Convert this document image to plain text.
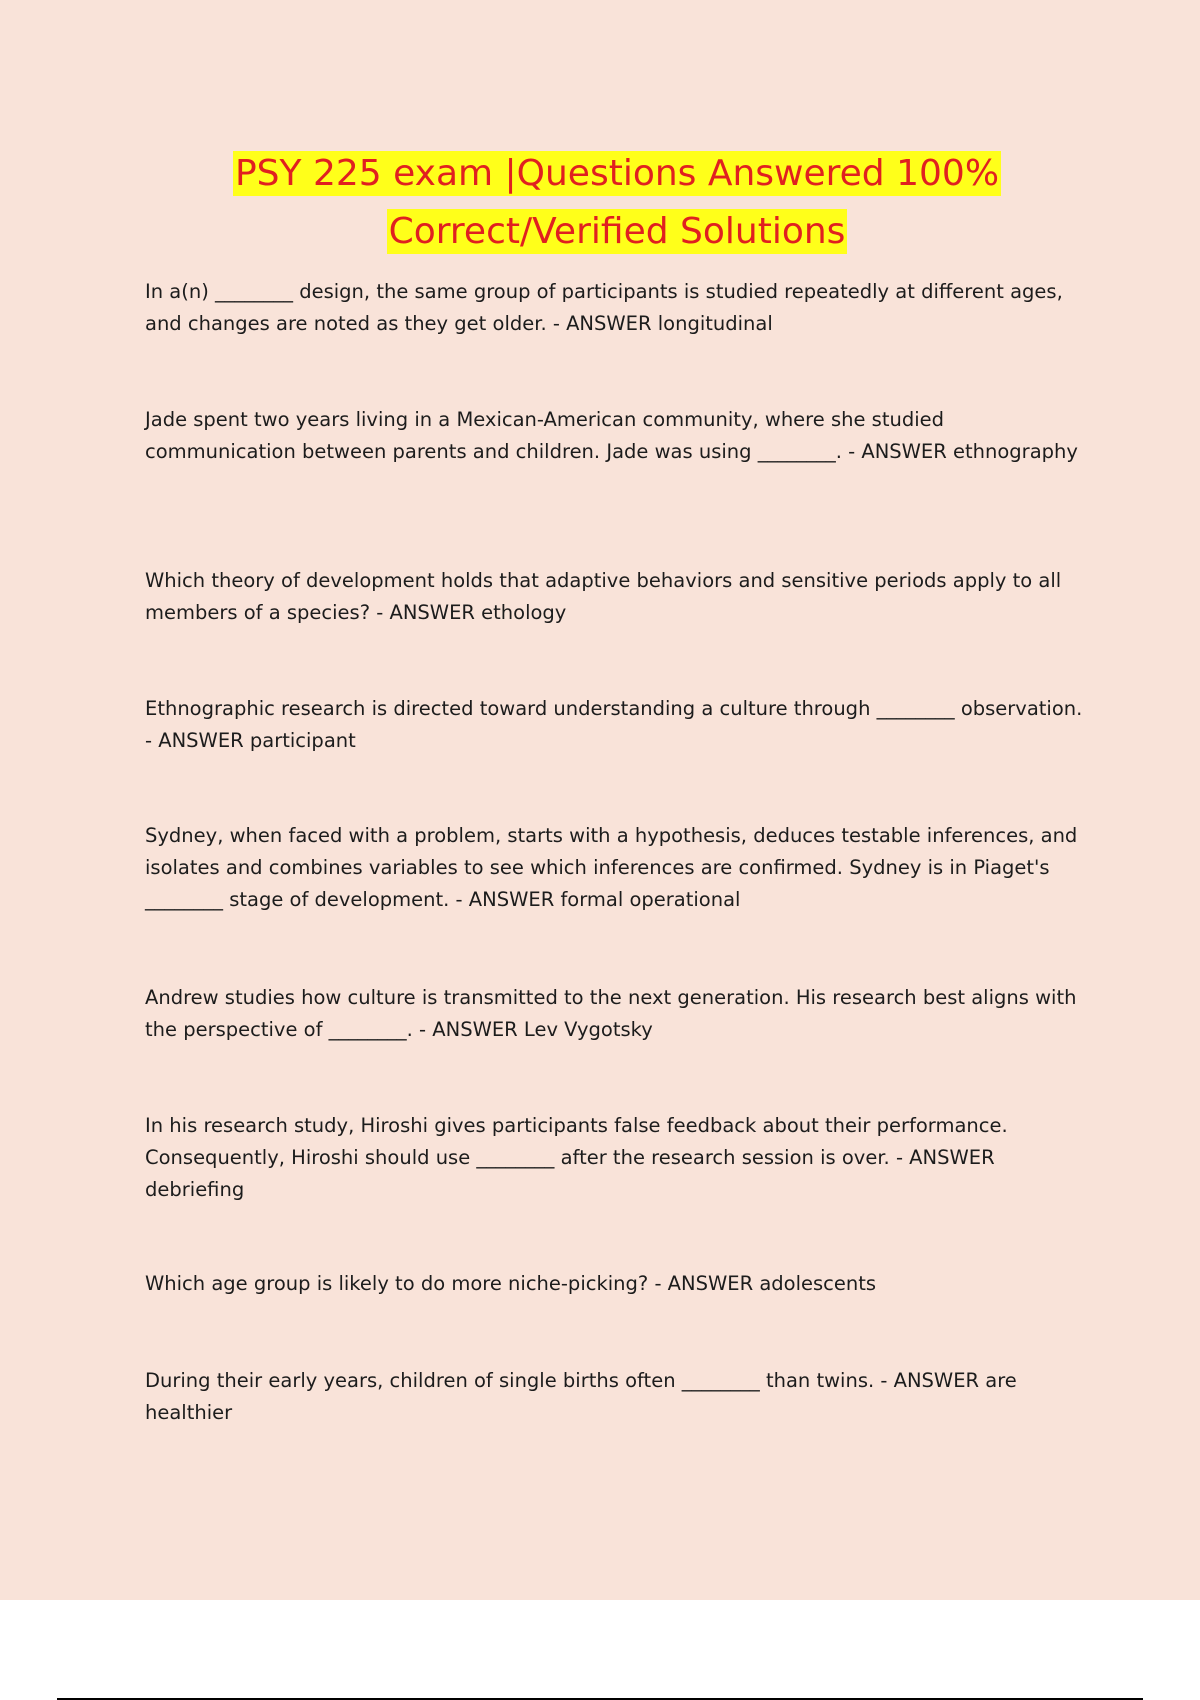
PSY 225 exam |Questions Answered 100%
Correct/Verified Solutions

In a(n) ________ design, the same group of participants is studied repeatedly at different ages, and changes are noted as they get older. - ANSWER longitudinal

Jade spent two years living in a Mexican-American community, where she studied communication between parents and children. Jade was using ________. - ANSWER ethnography

Which theory of development holds that adaptive behaviors and sensitive periods apply to all members of a species? - ANSWER ethology

Ethnographic research is directed toward understanding a culture through ________ observation. - ANSWER participant

Sydney, when faced with a problem, starts with a hypothesis, deduces testable inferences, and isolates and combines variables to see which inferences are confirmed. Sydney is in Piaget's ________ stage of development. - ANSWER formal operational

Andrew studies how culture is transmitted to the next generation. His research best aligns with the perspective of ________. - ANSWER Lev Vygotsky

In his research study, Hiroshi gives participants false feedback about their performance. Consequently, Hiroshi should use ________ after the research session is over. - ANSWER debriefing

Which age group is likely to do more niche-picking? - ANSWER adolescents

During their early years, children of single births often ________ than twins. - ANSWER are healthier
